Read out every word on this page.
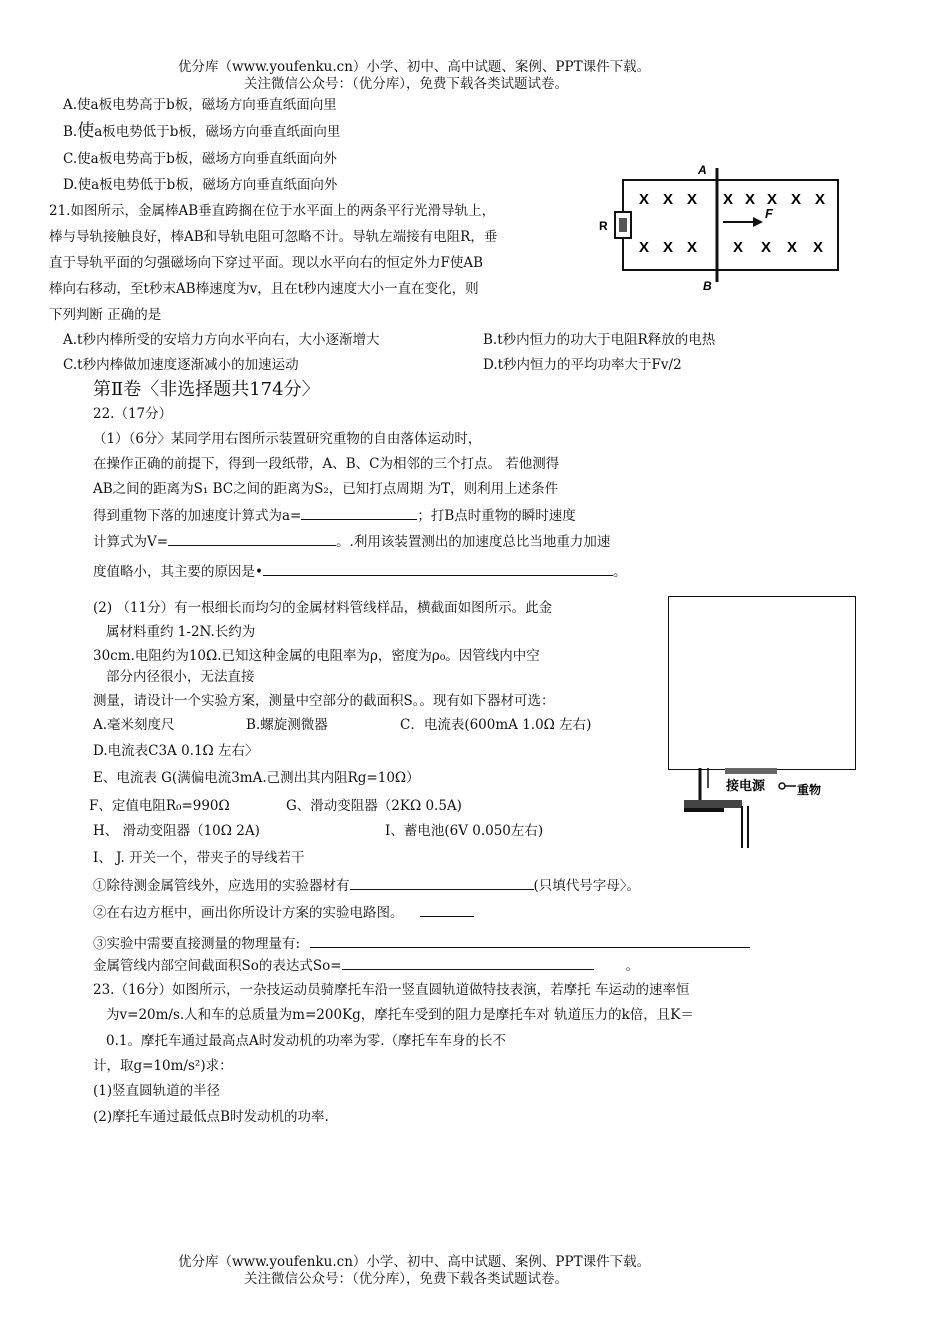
优分库（www.youfenku.cn）小学、初中、高中试题、案例、PPT课件下载。
关注微信公众号：（优分库），免费下载各类试题试卷。
A.使a板电势高于b板，磁场方向垂直纸面向里
B.使a板电势低于b板，磁场方向垂直纸面向里
C.使a板电势高于b板，磁场方向垂直纸面向外
D.使a板电势低于b板，磁场方向垂直纸面向外
R
A
B
X X X X X X X X
X X X X X X X
F
21.如图所示，金属棒AB垂直跨搁在位于水平面上的两条平行光滑导轨上，
棒与导轨接触良好，棒AB和导轨电阻可忽略不计。导轨左端接有电阻R，垂
直于导轨平面的匀强磁场向下穿过平面。现以水平向右的恒定外力F使AB
棒向右移动，至t秒末AB棒速度为v，且在t秒内速度大小一直在变化，则
下列判断 正确的是
A.t秒内棒所受的安培力方向水平向右，大小逐渐增大	B.t秒内恒力的功大于电阻R释放的电热
C.t秒内棒做加速度逐渐减小的加速运动	D.t秒内恒力的平均功率大于Fv/2
第Ⅱ卷〈非选择题共174分〉
22.（17分）
（1）（6分〉某同学用右图所示装置研究重物的自由落体运动时，
在操作正确的前提下，得到一段纸带，A、B、C为相邻的三个打点。 若他测得
AB之间的距离为S₁ BC之间的距离为S₂，已知打点周期 为T，则利用上述条件
得到重物下落的加速度计算式为a=	；打B点时重物的瞬时速度
计算式为V=	。.利用该装置测出的加速度总比当地重力加速
度值略小，其主要的原因是•	。
接电源	重物
(2) （11分）有一根细长而均匀的金属材料管线样品，横截面如图所示。此金
属材料重约 1-2N.长约为
30cm.电阻约为10Ω.已知这种金属的电阻率为ρ，密度为ρ₀。因管线内中空
部分内径很小，无法直接
测量，请设计一个实验方案，测量中空部分的截面积S。。现有如下器材可选：
A.毫米刻度尺	B.螺旋测微器	C．电流表(600mA 1.0Ω 左右)
D.电流表C3A 0.1Ω 左右〉
E、电流表 G(满偏电流3mA.己测出其内阻Rg=10Ω）
F、定值电阻R₀=990Ω	G、滑动变阻器（2KΩ 0.5A)
H、 滑动变阻器（10Ω 2A)	I、蓄电池(6V 0.050左右)
I、 J. 开关一个，带夹子的导线若干
①除待测金属管线外，应选用的实验器材有	(只填代号字母〉。
②在右边方框中，画出你所设计方案的实验电路图。
③实验中需要直接测量的物理量有:
金属管线内部空间截面积So的表达式So=	。
23.（16分）如图所示，一杂技运动员骑摩托车沿一竖直圆轨道做特技表演，若摩托 车运动的速率恒
为v=20m/s.人和车的总质量为m=200Kg，摩托车受到的阻力是摩托车对 轨道压力的k倍，且K＝
0.1。摩托车通过最高点A时发动机的功率为零.（摩托车车身的长不
计，取g=10m/s²)求：
(1)竖直圆轨道的半径
(2)摩托车通过最低点B时发动机的功率.
优分库（www.youfenku.cn）小学、初中、高中试题、案例、PPT课件下载。
关注微信公众号：（优分库），免费下载各类试题试卷。
